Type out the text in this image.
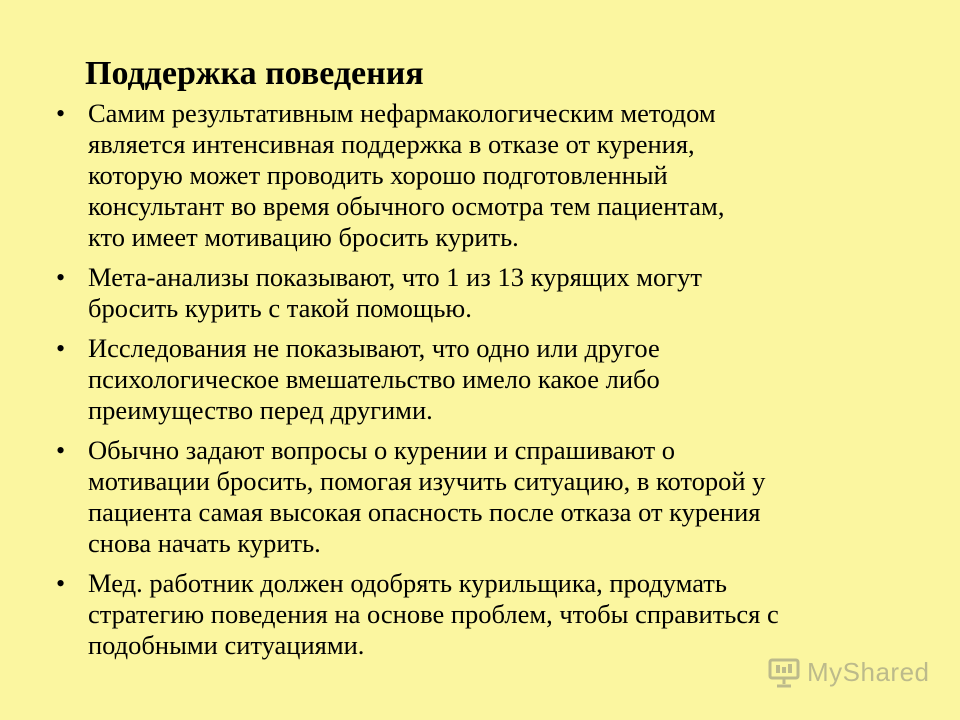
Поддержка поведения
• Самим результативным нефармакологическим методом
является интенсивная поддержка в отказе от курения,
которую может проводить хорошо подготовленный
консультант во время обычного осмотра тем пациентам,
кто имеет мотивацию бросить курить.
• Мета-анализы показывают, что 1 из 13 курящих могут
бросить курить с такой помощью.
• Исследования не показывают, что одно или другое
психологическое вмешательство имело какое либо
преимущество перед другими.
• Обычно задают вопросы о курении и спрашивают о
мотивации бросить, помогая изучить ситуацию, в которой у
пациента самая высокая опасность после отказа от курения
снова начать курить.
• Мед. работник должен одобрять курильщика, продумать
стратегию поведения на основе проблем, чтобы справиться с
подобными ситуациями.
MyShared
